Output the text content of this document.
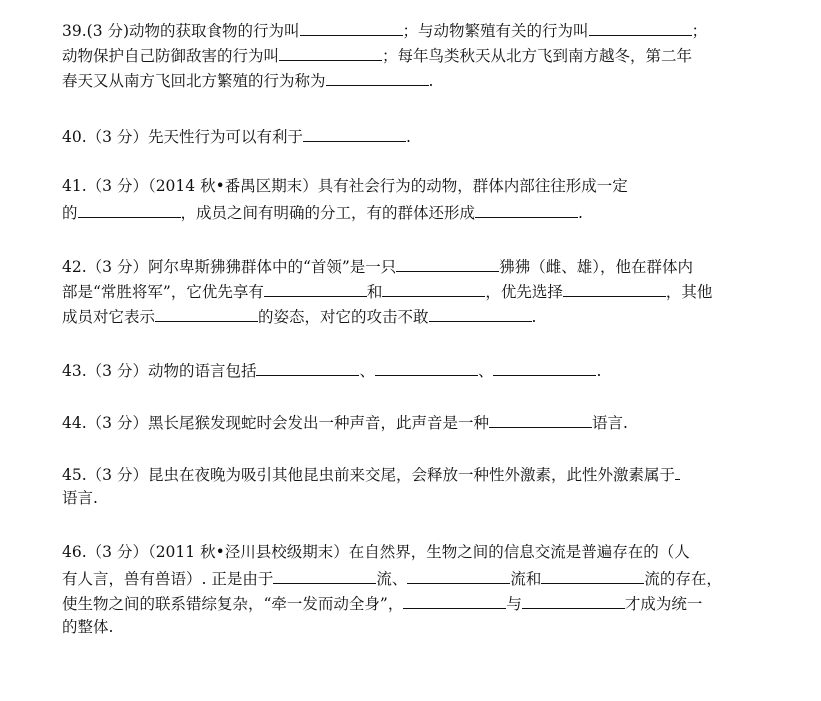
39.(3 分)动物的获取食物的行为叫	；与动物繁殖有关的行为叫	；
动物保护自己防御敌害的行为叫	；每年鸟类秋天从北方飞到南方越冬，第二年
春天又从南方飞回北方繁殖的行为称为	.
40.（3 分）先天性行为可以有利于	.
41.（3 分）（2014 秋•番禺区期末）具有社会行为的动物，群体内部往往形成一定
的	，成员之间有明确的分工，有的群体还形成	.
42.（3 分）阿尔卑斯狒狒群体中的“首领”是一只	狒狒（雌、雄），他在群体内
部是“常胜将军”，它优先享有	和	，优先选择	，其他
成员对它表示	的姿态，对它的攻击不敢	.
43.（3 分）动物的语言包括	、	、	.
44.（3 分）黑长尾猴发现蛇时会发出一种声音，此声音是一种	语言.
45.（3 分）昆虫在夜晚为吸引其他昆虫前来交尾，会释放一种性外激素，此性外激素属于
语言.
46.（3 分）（2011 秋•泾川县校级期末）在自然界，生物之间的信息交流是普遍存在的（人
有人言，兽有兽语）. 正是由于	流、	流和	流的存在，
使生物之间的联系错综复杂，“牵一发而动全身”，	与	才成为统一
的整体.
